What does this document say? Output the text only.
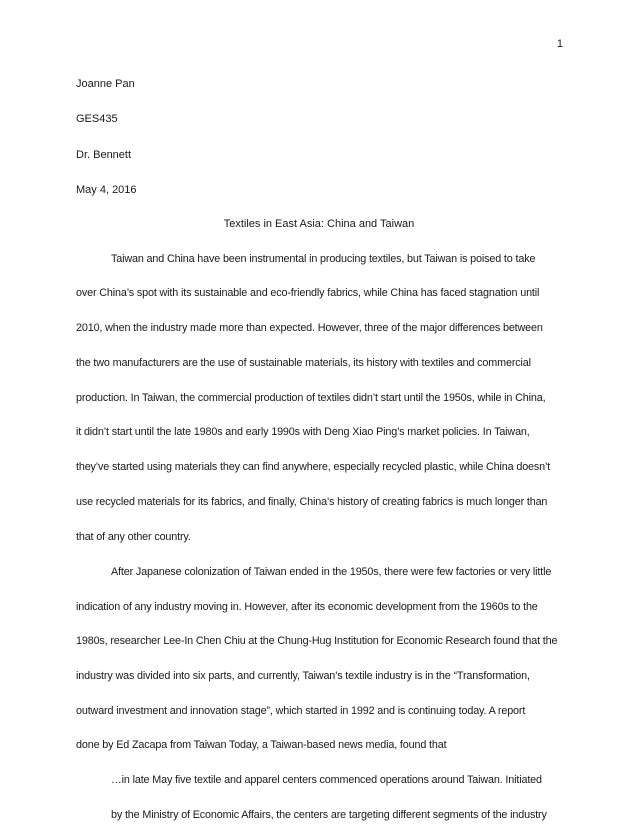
1
Joanne Pan
GES435
Dr. Bennett
May 4, 2016
Textiles in East Asia: China and Taiwan
Taiwan and China have been instrumental in producing textiles, but Taiwan is poised to take
over China’s spot with its sustainable and eco-friendly fabrics, while China has faced stagnation until
2010, when the industry made more than expected. However, three of the major differences between
the two manufacturers are the use of sustainable materials, its history with textiles and commercial
production. In Taiwan, the commercial production of textiles didn’t start until the 1950s, while in China,
it didn’t start until the late 1980s and early 1990s with Deng Xiao Ping’s market policies. In Taiwan,
they’ve started using materials they can find anywhere, especially recycled plastic, while China doesn’t
use recycled materials for its fabrics, and finally, China’s history of creating fabrics is much longer than
that of any other country.
After Japanese colonization of Taiwan ended in the 1950s, there were few factories or very little
indication of any industry moving in. However, after its economic development from the 1960s to the
1980s, researcher Lee-In Chen Chiu at the Chung-Hug Institution for Economic Research found that the
industry was divided into six parts, and currently, Taiwan’s textile industry is in the “Transformation,
outward investment and innovation stage”, which started in 1992 and is continuing today. A report
done by Ed Zacapa from Taiwan Today, a Taiwan-based news media, found that
…in late May five textile and apparel centers commenced operations around Taiwan. Initiated
by the Ministry of Economic Affairs, the centers are targeting different segments of the industry
